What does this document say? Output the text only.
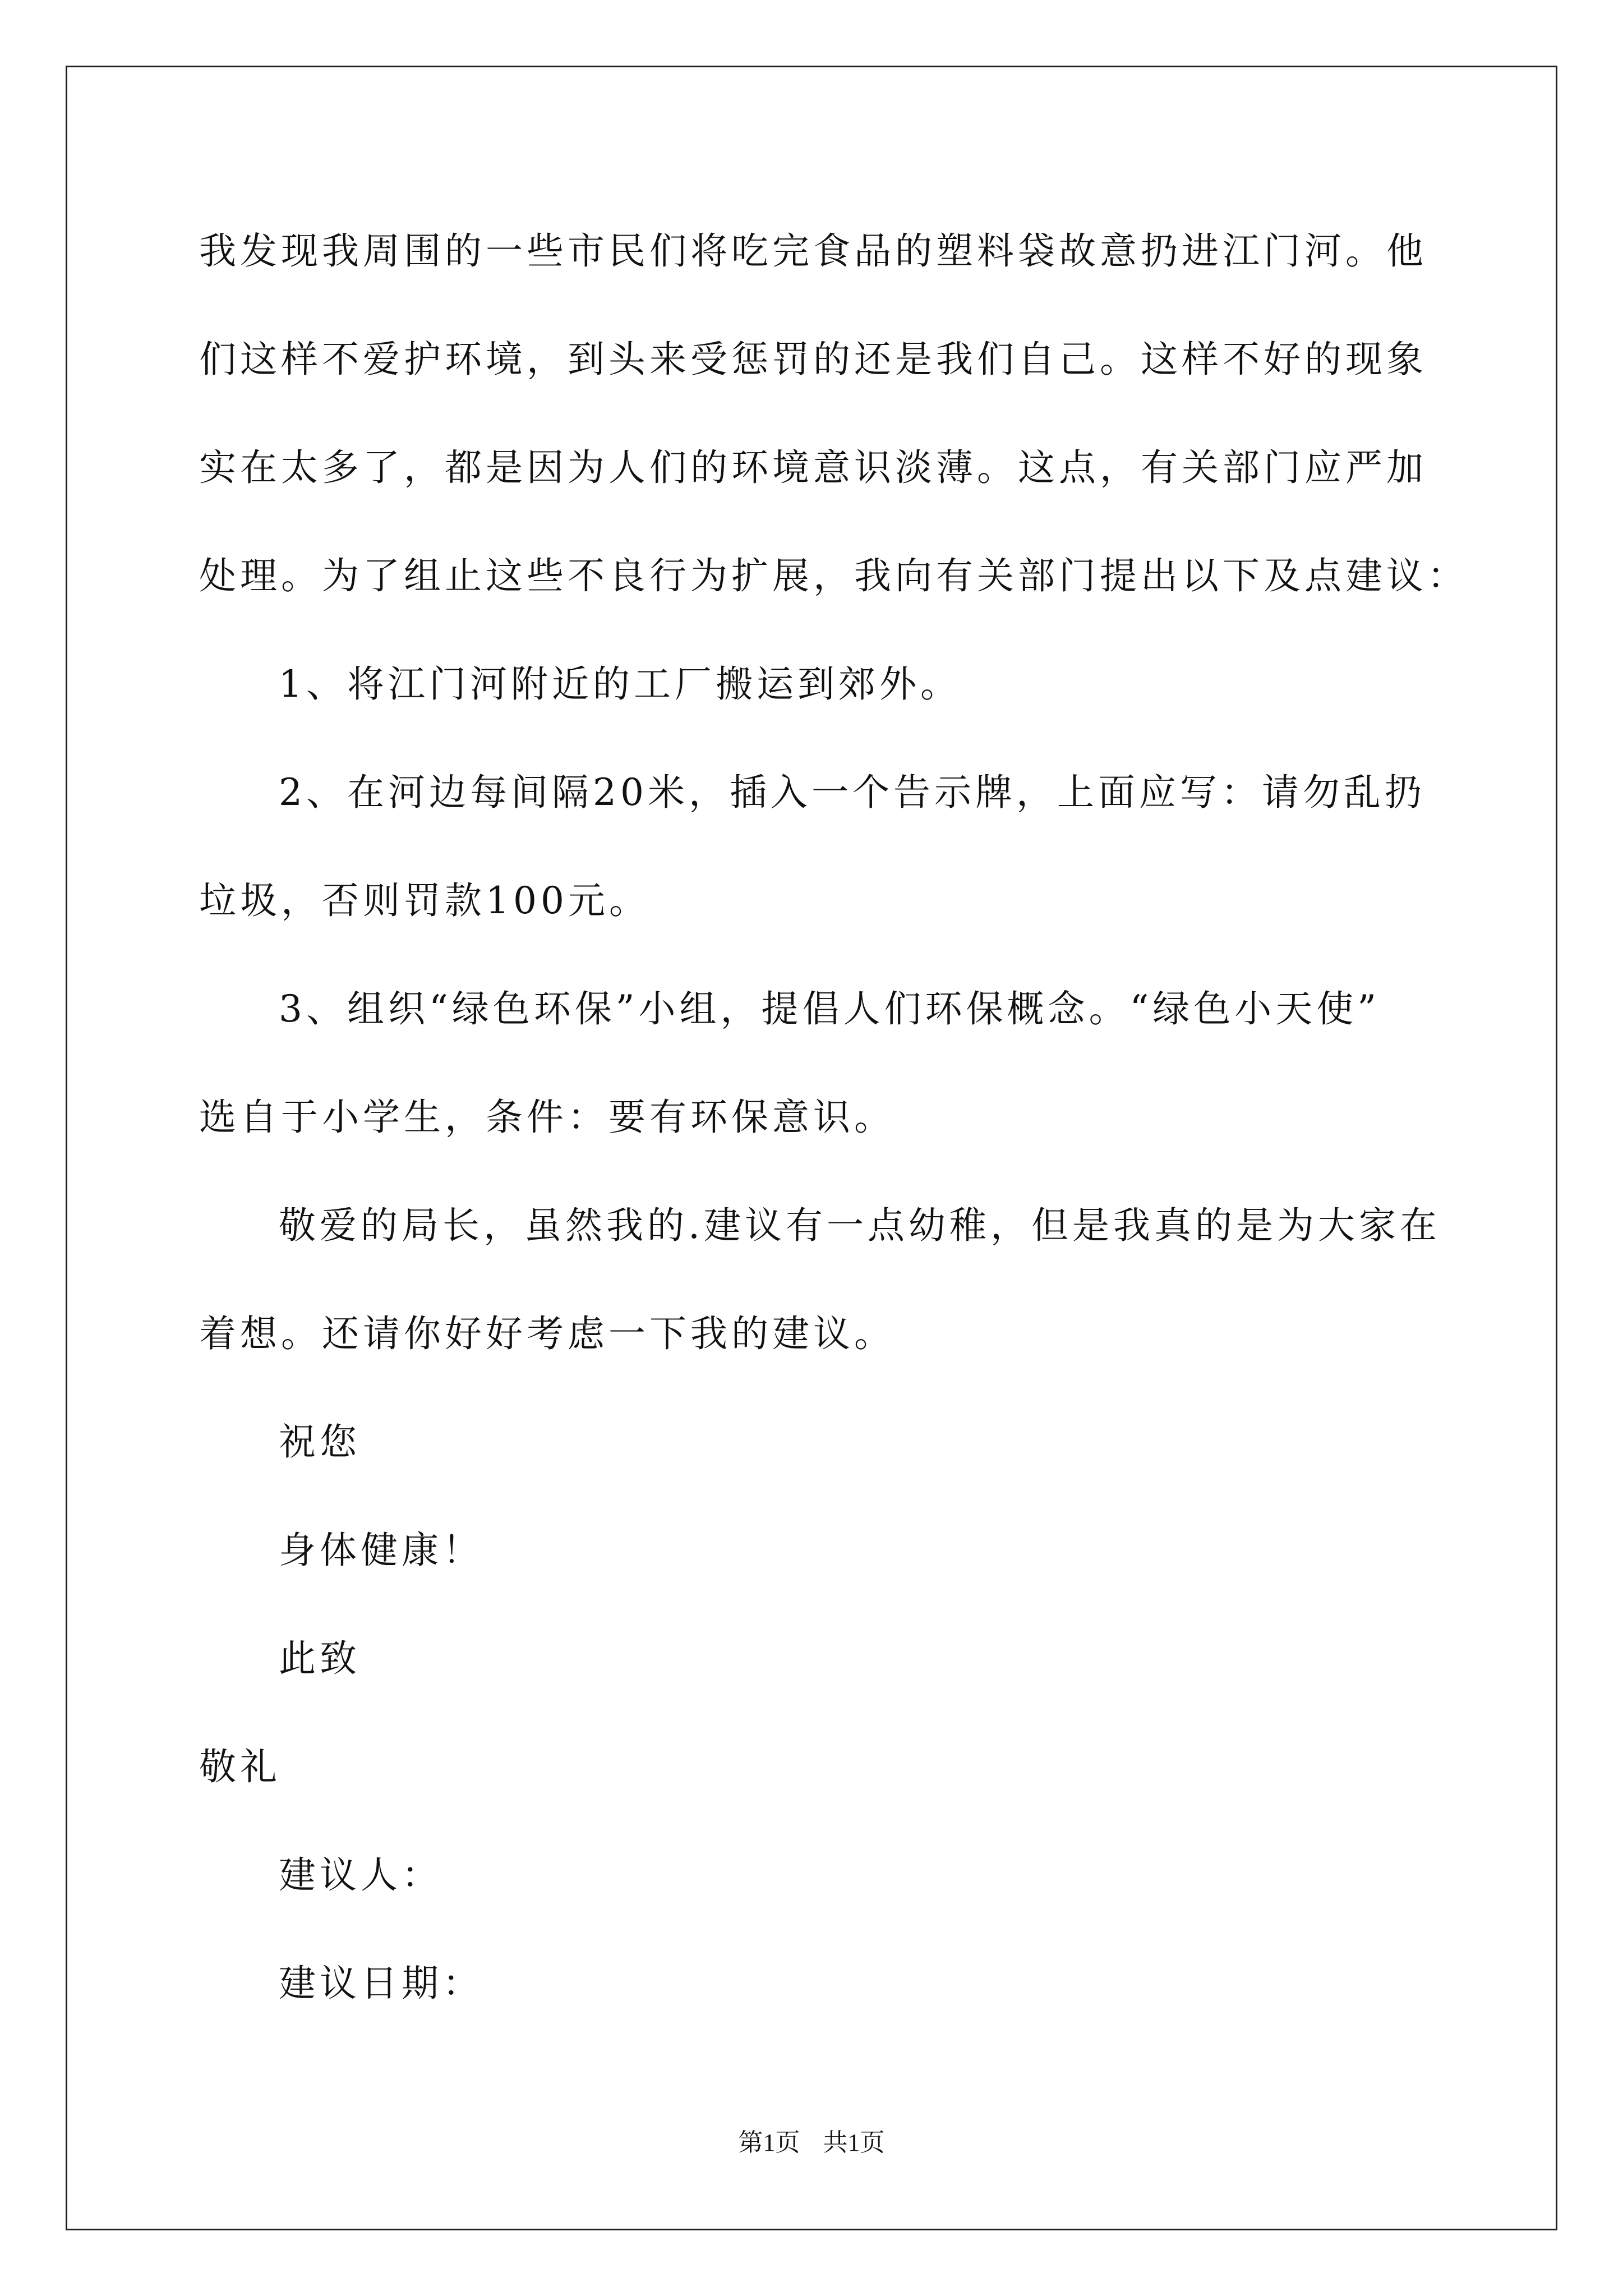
我发现我周围的一些市民们将吃完食品的塑料袋故意扔进江门河。他
们这样不爱护环境，到头来受惩罚的还是我们自己。这样不好的现象
实在太多了，都是因为人们的环境意识淡薄。这点，有关部门应严加
处理。为了组止这些不良行为扩展，我向有关部门提出以下及点建议：
1、将江门河附近的工厂搬运到郊外。
2、在河边每间隔20米，插入一个告示牌，上面应写：请勿乱扔
垃圾，否则罚款100元。
3、组织“绿色环保”小组，提倡人们环保概念。“绿色小天使”
选自于小学生，条件：要有环保意识。
敬爱的局长，虽然我的.建议有一点幼稚，但是我真的是为大家在
着想。还请你好好考虑一下我的建议。
祝您
身体健康！
此致
敬礼
建议人：
建议日期：
第1页 共1页
